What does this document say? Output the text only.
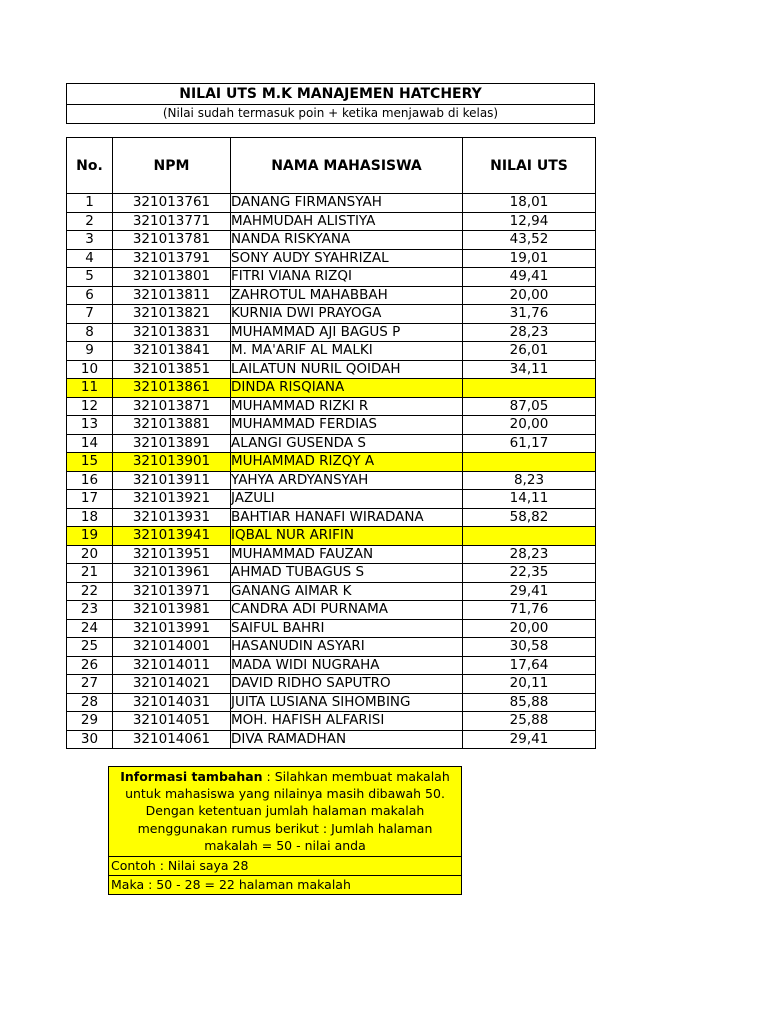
NILAI UTS M.K MANAJEMEN HATCHERY
(Nilai sudah termasuk poin + ketika menjawab di kelas)
No.	NPM	NAMA MAHASISWA	NILAI UTS
1	321013761	DANANG FIRMANSYAH	18,01
2	321013771	MAHMUDAH ALISTIYA	12,94
3	321013781	NANDA RISKYANA	43,52
4	321013791	SONY AUDY SYAHRIZAL	19,01
5	321013801	FITRI VIANA RIZQI	49,41
6	321013811	ZAHROTUL MAHABBAH	20,00
7	321013821	KURNIA DWI PRAYOGA	31,76
8	321013831	MUHAMMAD AJI BAGUS P	28,23
9	321013841	M. MA'ARIF AL MALKI	26,01
10	321013851	LAILATUN NURIL QOIDAH	34,11
11	321013861	DINDA RISQIANA	
12	321013871	MUHAMMAD RIZKI R	87,05
13	321013881	MUHAMMAD FERDIAS	20,00
14	321013891	ALANGI GUSENDA S	61,17
15	321013901	MUHAMMAD RIZQY A	
16	321013911	YAHYA ARDYANSYAH	8,23
17	321013921	JAZULI	14,11
18	321013931	BAHTIAR HANAFI WIRADANA	58,82
19	321013941	IQBAL NUR ARIFIN	
20	321013951	MUHAMMAD FAUZAN	28,23
21	321013961	AHMAD TUBAGUS S	22,35
22	321013971	GANANG AIMAR K	29,41
23	321013981	CANDRA ADI PURNAMA	71,76
24	321013991	SAIFUL BAHRI	20,00
25	321014001	HASANUDIN ASYARI	30,58
26	321014011	MADA WIDI NUGRAHA	17,64
27	321014021	DAVID RIDHO SAPUTRO	20,11
28	321014031	JUITA LUSIANA SIHOMBING	85,88
29	321014051	MOH. HAFISH ALFARISI	25,88
30	321014061	DIVA RAMADHAN	29,41
Informasi tambahan : Silahkan membuat makalah untuk mahasiswa yang nilainya masih dibawah 50. Dengan ketentuan jumlah halaman makalah menggunakan rumus berikut : Jumlah halaman makalah = 50 - nilai anda
Contoh : Nilai saya 28
Maka : 50 - 28 = 22 halaman makalah
